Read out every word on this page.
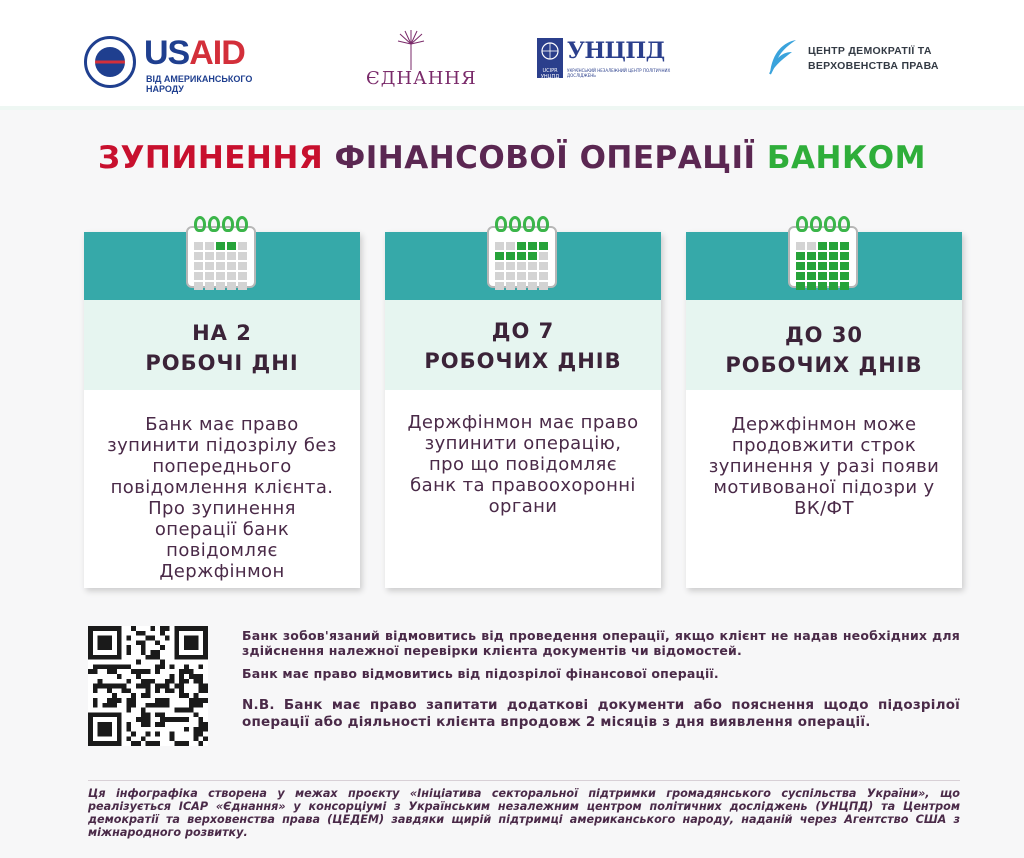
USAID
ВІД АМЕРИКАНСЬКОГО НАРОДУ	ЄДНАННЯ	UCIPR УНЦПД
УНЦПД
УКРАЇНСЬКИЙ НЕЗАЛЕЖНИЙ ЦЕНТР ПОЛІТИЧНИХ ДОСЛІДЖЕНЬ
ЦЕНТР ДЕМОКРАТІЇ ТА
ВЕРХОВЕНСТВА ПРАВА
ЗУПИНЕННЯ ФІНАНСОВОЇ ОПЕРАЦІЇ БАНКОМ
НА 2
РОБОЧІ ДНІ
Банк має право зупинити підозрілу без попереднього повідомлення клієнта. Про зупинення операції банк повідомляє Держфінмон
ДО 7
РОБОЧИХ ДНІВ
Держфінмон має право зупинити операцію, про що повідомляє банк та правоохоронні органи
ДО 30
РОБОЧИХ ДНІВ
Держфінмон може продовжити строк зупинення у разі появи мотивованої підозри у ВК/ФТ
Банк зобов'язаний відмовитись від проведення операції, якщо клієнт не надав необхідних для здійснення належної перевірки клієнта документів чи відомостей.
Банк має право відмовитись від підозрілої фінансової операції.
N.B. Банк має право запитати додаткові документи або пояснення щодо підозрілої операції або діяльності клієнта впродовж 2 місяців з дня виявлення операції.
Ця інфографіка створена у межах проєкту «Ініціатива секторальної підтримки громадянського суспільства України», що реалізується ІСАР «Єднання» у консорціумі з Українським незалежним центром політичних досліджень (УНЦПД) та Центром демократії та верховенства права (ЦЕДЕМ) завдяки щирій підтримці американського народу, наданій через Агентство США з міжнародного розвитку.
